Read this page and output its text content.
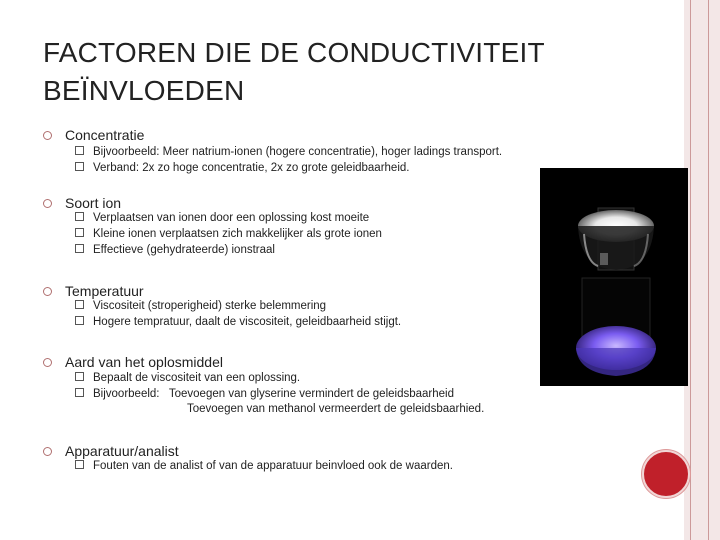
FACTOREN DIE DE CONDUCTIVITEIT BEÏNVLOEDEN
Concentratie
Bijvoorbeeld: Meer natrium-ionen (hogere concentratie), hoger ladings transport.
Verband: 2x zo hoge concentratie, 2x zo grote geleidbaarheid.
Soort ion
Verplaatsen van ionen door een oplossing kost moeite
Kleine ionen verplaatsen zich makkelijker als grote ionen
Effectieve (gehydrateerde) ionstraal
Temperatuur
Viscositeit (stroperigheid) sterke belemmering
Hogere tempratuur, daalt de viscositeit, geleidbaarheid stijgt.
Aard van het oplosmiddel
Bepaalt de viscositeit van een oplossing.
Bijvoorbeeld:   Toevoegen van glyserine vermindert de geleidsbaarheid
Toevoegen van methanol vermeerdert de geleidsbaarhied.
Apparatuur/analist
Fouten van de analist of van de apparatuur beinvloed ook de waarden.
